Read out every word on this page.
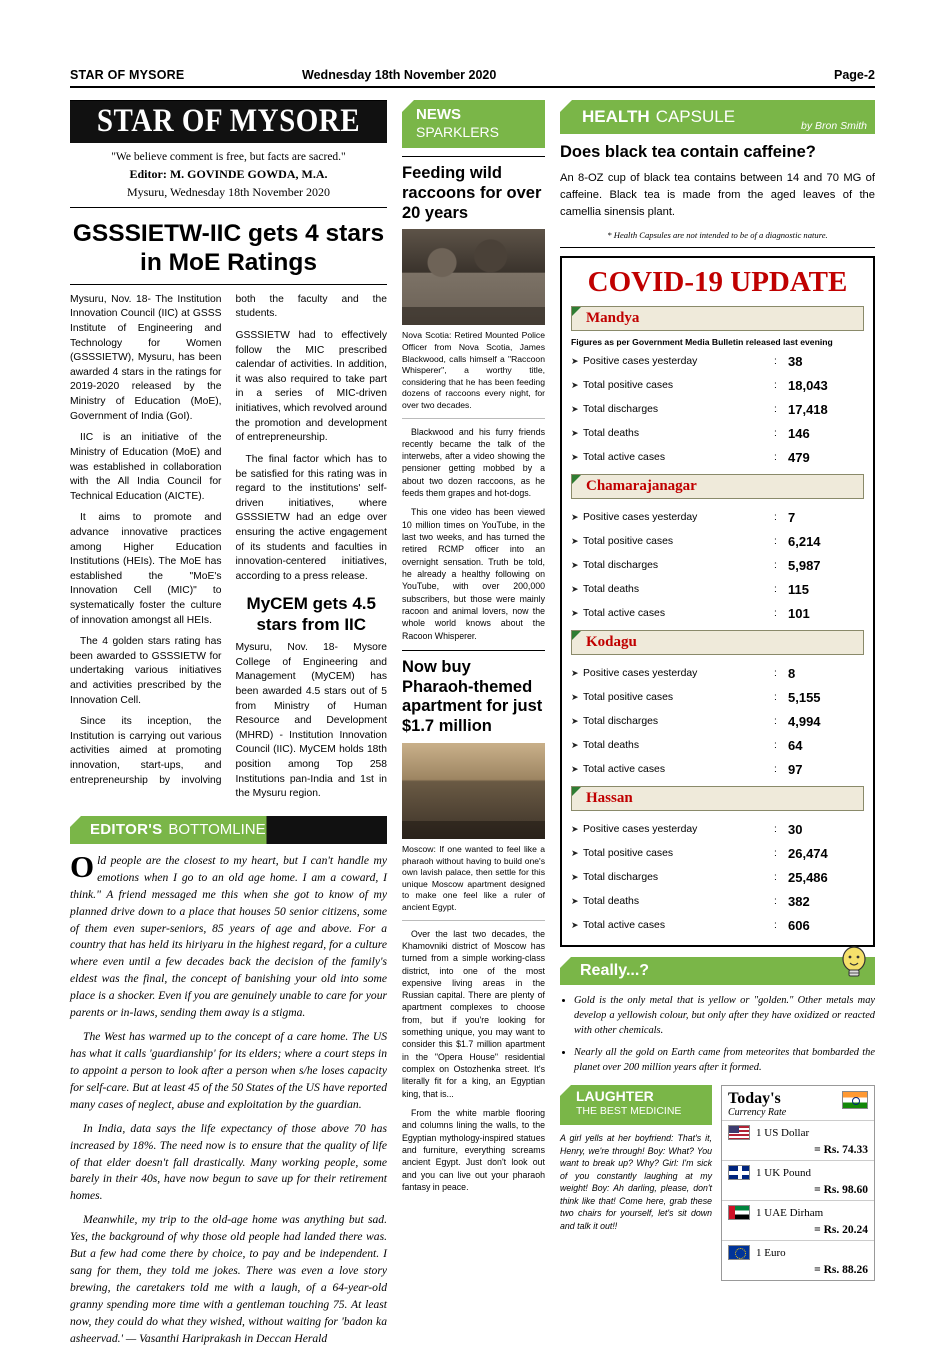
STAR OF MYSORE	Wednesday 18th November 2020	Page-2
STAR OF MYSORE
"We believe comment is free, but facts are sacred."
Editor: M. GOVINDE GOWDA, M.A.
Mysuru, Wednesday 18th November 2020
GSSSIETW-IIC gets 4 stars
in MoE Ratings

Mysuru, Nov. 18- The Institution Innovation Council (IIC) at GSSS Institute of Engineering and Technology for Women (GSSSIETW), Mysuru, has been awarded 4 stars in the ratings for 2019-2020 released by the Ministry of Education (MoE), Government of India (GoI).

IIC is an initiative of the Ministry of Education (MoE) and was established in collaboration with the All India Council for Technical Education (AICTE).

It aims to promote and advance innovative practices among Higher Education Institutions (HEIs). The MoE has established the "MoE's Innovation Cell (MIC)" to systematically foster the culture of innovation amongst all HEIs.

The 4 golden stars rating has been awarded to GSSSIETW for undertaking various initiatives and activities prescribed by the Innovation Cell.

Since its inception, the Institution is carrying out various activities aimed at promoting innovation, start-ups, and entrepreneurship by involving both the faculty and the students.

GSSSIETW had to effectively follow the MIC prescribed calendar of activities. In addition, it was also required to take part in a series of MIC-driven initiatives, which revolved around the promotion and development of entrepreneurship.

The final factor which has to be satisfied for this rating was in regard to the institutions' self-driven initiatives, where GSSSIETW had an edge over ensuring the active engagement of its students and faculties in innovation-centered initiatives, according to a press release.

MyCEM gets 4.5
stars from IIC

Mysuru, Nov. 18- Mysore College of Engineering and Management (MyCEM) has been awarded 4.5 stars out of 5 from Ministry of Human Resource and Development (MHRD) - Institution Innovation Council (IIC). MyCEM holds 18th position among Top 258 Institutions pan-India and 1st in the Mysuru region.

EDITOR'S BOTTOMLINE

Old people are the closest to my heart, but I can't handle my emotions when I go to an old age home. I am a coward, I think." A friend messaged me this when she got to know of my planned drive down to a place that houses 50 senior citizens, some of them even super-seniors, 85 years of age and above. For a country that has held its hiriyaru in the highest regard, for a culture where even until a few decades back the decision of the family's eldest was the final, the concept of banishing your old into some place is a shocker. Even if you are genuinely unable to care for your parents or in-laws, sending them away is a stigma.

The West has warmed up to the concept of a care home. The US has what it calls 'guardianship' for its elders; where a court steps in to appoint a person to look after a person when s/he loses capacity for self-care. But at least 45 of the 50 States of the US have reported many cases of neglect, abuse and exploitation by the guardian.

In India, data says the life expectancy of those above 70 has increased by 18%. The need now is to ensure that the quality of life of that elder doesn't fall drastically. Many working people, some barely in their 40s, have now begun to save up for their retirement homes.

Meanwhile, my trip to the old-age home was anything but sad. Yes, the background of why those old people had landed there was. But a few had come there by choice, to pay and be independent. I sang for them, they told me jokes. There was even a love story brewing, the caretakers told me with a laugh, of a 64-year-old granny spending more time with a gentleman touching 75. At least now, they could do what they wished, without waiting for 'badon ka asheervad.' — Vasanthi Hariprakash in Deccan Herald

NEWS
SPARKLERS
Feeding wild raccoons for over 20 years
Nova Scotia: Retired Mounted Police Officer from Nova Scotia, James Blackwood, calls himself a "Raccoon Whisperer", a worthy title, considering that he has been feeding dozens of raccoons every night, for over two decades.

Blackwood and his furry friends recently became the talk of the interwebs, after a video showing the pensioner getting mobbed by a about two dozen raccoons, as he feeds them grapes and hot-dogs.

This one video has been viewed 10 million times on YouTube, in the last two weeks, and has turned the retired RCMP officer into an overnight sensation. Truth be told, he already a healthy following on YouTube, with over 200,000 subscribers, but those were mainly racoon and animal lovers, now the whole world knows about the Racoon Whisperer.

Now buy Pharaoh-themed apartment for just $1.7 million
Moscow: If one wanted to feel like a pharaoh without having to build one's own lavish palace, then settle for this unique Moscow apartment designed to make one feel like a ruler of ancient Egypt.

Over the last two decades, the Khamovniki district of Moscow has turned from a simple working-class district, into one of the most expensive living areas in the Russian capital. There are plenty of apartment complexes to choose from, but if you're looking for something unique, you may want to consider this $1.7 million apartment in the "Opera House" residential complex on Ostozhenka street. It's literally fit for a king, an Egyptian king, that is...

From the white marble flooring and columns lining the walls, to the Egyptian mythology-inspired statues and furniture, everything screams ancient Egypt. Just don't look out and you can live out your pharaoh fantasy in peace.

HEALTH CAPSULE	by Bron Smith
Does black tea contain caffeine?
An 8-OZ cup of black tea contains between 14 and 70 MG of caffeine. Black tea is made from the aged leaves of the camellia sinensis plant.
* Health Capsules are not intended to be of a diagnostic nature.
COVID-19 UPDATE
Mandya
Figures as per Government Media Bulletin released last evening
➤ Positive cases yesterday	: 38
➤ Total positive cases	: 18,043
➤ Total discharges	: 17,418
➤ Total deaths	: 146
➤ Total active cases	: 479
Chamarajanagar
➤ Positive cases yesterday	: 7
➤ Total positive cases	: 6,214
➤ Total discharges	: 5,987
➤ Total deaths	: 115
➤ Total active cases	: 101
Kodagu
➤ Positive cases yesterday	: 8
➤ Total positive cases	: 5,155
➤ Total discharges	: 4,994
➤ Total deaths	: 64
➤ Total active cases	: 97
Hassan
➤ Positive cases yesterday	: 30
➤ Total positive cases	: 26,474
➤ Total discharges	: 25,486
➤ Total deaths	: 382
➤ Total active cases	: 606
Really...?
• Gold is the only metal that is yellow or "golden." Other metals may develop a yellowish colour, but only after they have oxidized or reacted with other chemicals.
• Nearly all the gold on Earth came from meteorites that bombarded the planet over 200 million years after it formed.
LAUGHTER
THE BEST MEDICINE
A girl yells at her boyfriend: That's it, Henry, we're through! Boy: What? You want to break up? Why? Girl: I'm sick of you constantly laughing at my weight! Boy: Ah darling, please, don't think like that! Come here, grab these two chairs for yourself, let's sit down and talk it out!!
Today's
Currency Rate
1 US Dollar
= Rs. 74.33
1 UK Pound
= Rs. 98.60
1 UAE Dirham
= Rs. 20.24
1 Euro
= Rs. 88.26
